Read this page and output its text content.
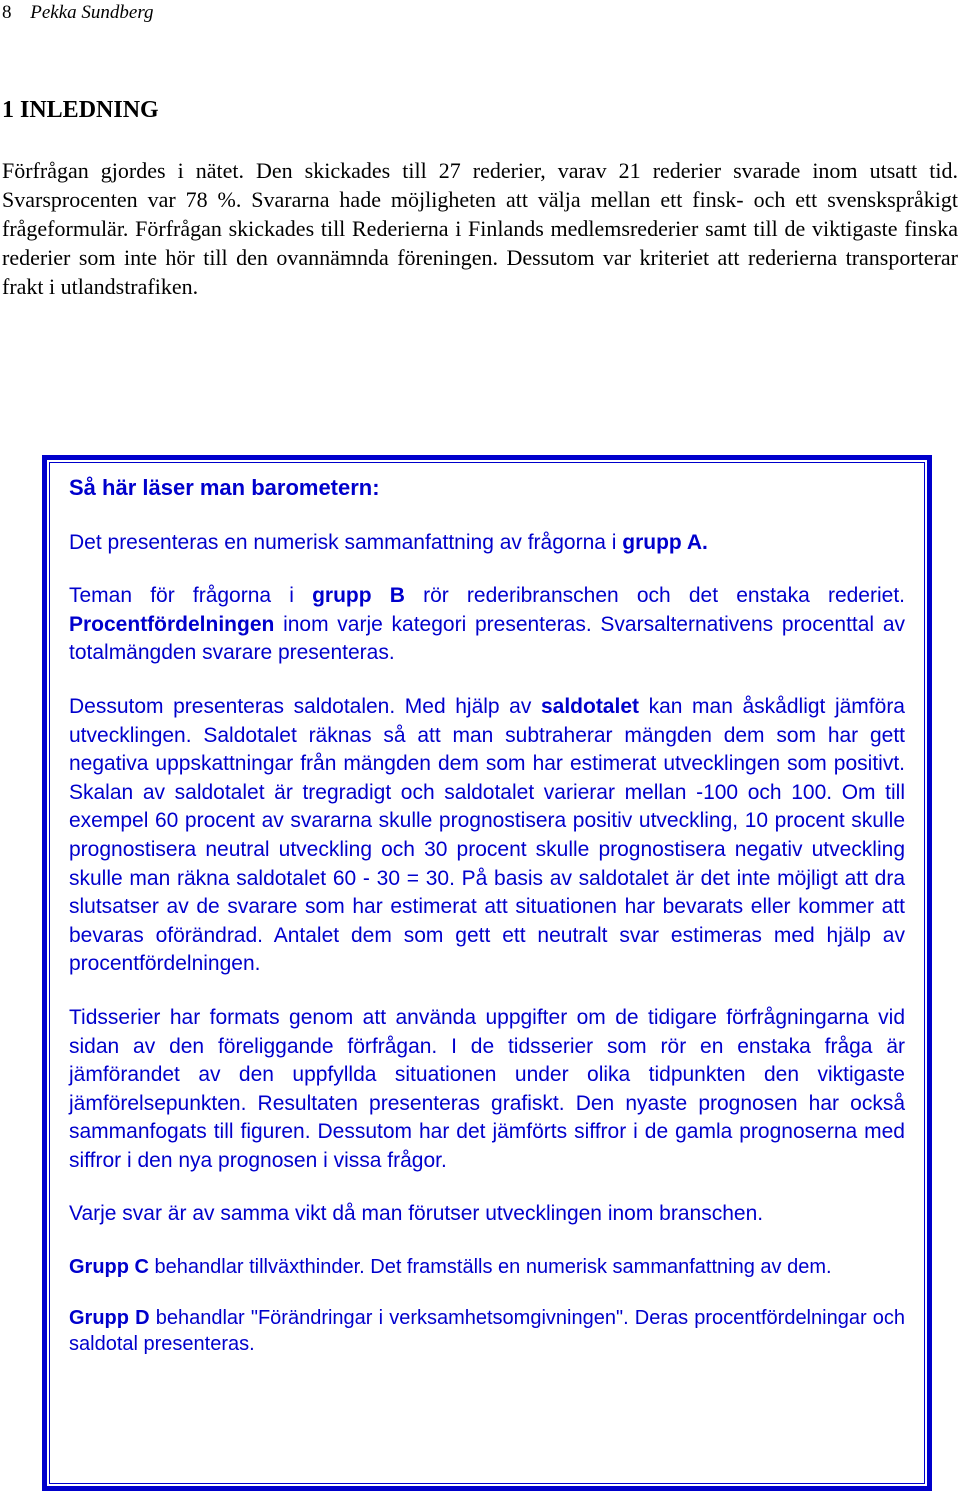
8 Pekka Sundberg
1 INLEDNING

Förfrågan gjordes i nätet. Den skickades till 27 rederier, varav 21 rederier svarade inom utsatt tid. Svarsprocenten var 78 %. Svararna hade möjligheten att välja mellan ett finsk- och ett svenskspråkigt frågeformulär. Förfrågan skickades till Rederierna i Finlands medlemsrederier samt till de viktigaste finska rederier som inte hör till den ovannämnda föreningen. Dessutom var kriteriet att rederierna transporterar frakt i utlandstrafiken.

Så här läser man barometern:

Det presenteras en numerisk sammanfattning av frågorna i grupp A.

Teman för frågorna i grupp B rör rederibranschen och det enstaka rederiet. Procentfördelningen inom varje kategori presenteras. Svarsalternativens procenttal av totalmängden svarare presenteras.

Dessutom presenteras saldotalen. Med hjälp av saldotalet kan man åskådligt jämföra utvecklingen. Saldotalet räknas så att man subtraherar mängden dem som har gett negativa uppskattningar från mängden dem som har estimerat utvecklingen som positivt. Skalan av saldotalet är tregradigt och saldotalet varierar mellan -100 och 100. Om till exempel 60 procent av svararna skulle prognostisera positiv utveckling, 10 procent skulle prognostisera neutral utveckling och 30 procent skulle prognostisera negativ utveckling skulle man räkna saldotalet 60 - 30 = 30. På basis av saldotalet är det inte möjligt att dra slutsatser av de svarare som har estimerat att situationen har bevarats eller kommer att bevaras oförändrad. Antalet dem som gett ett neutralt svar estimeras med hjälp av procentfördelningen.

Tidsserier har formats genom att använda uppgifter om de tidigare förfrågningarna vid sidan av den föreliggande förfrågan. I de tidsserier som rör en enstaka fråga är jämförandet av den uppfyllda situationen under olika tidpunkten den viktigaste jämförelsepunkten. Resultaten presenteras grafiskt. Den nyaste prognosen har också sammanfogats till figuren. Dessutom har det jämförts siffror i de gamla prognoserna med siffror i den nya prognosen i vissa frågor.

Varje svar är av samma vikt då man förutser utvecklingen inom branschen.

Grupp C behandlar tillväxthinder. Det framställs en numerisk sammanfattning av dem.

Grupp D behandlar "Förändringar i verksamhetsomgivningen". Deras procentfördelningar och saldotal presenteras.
